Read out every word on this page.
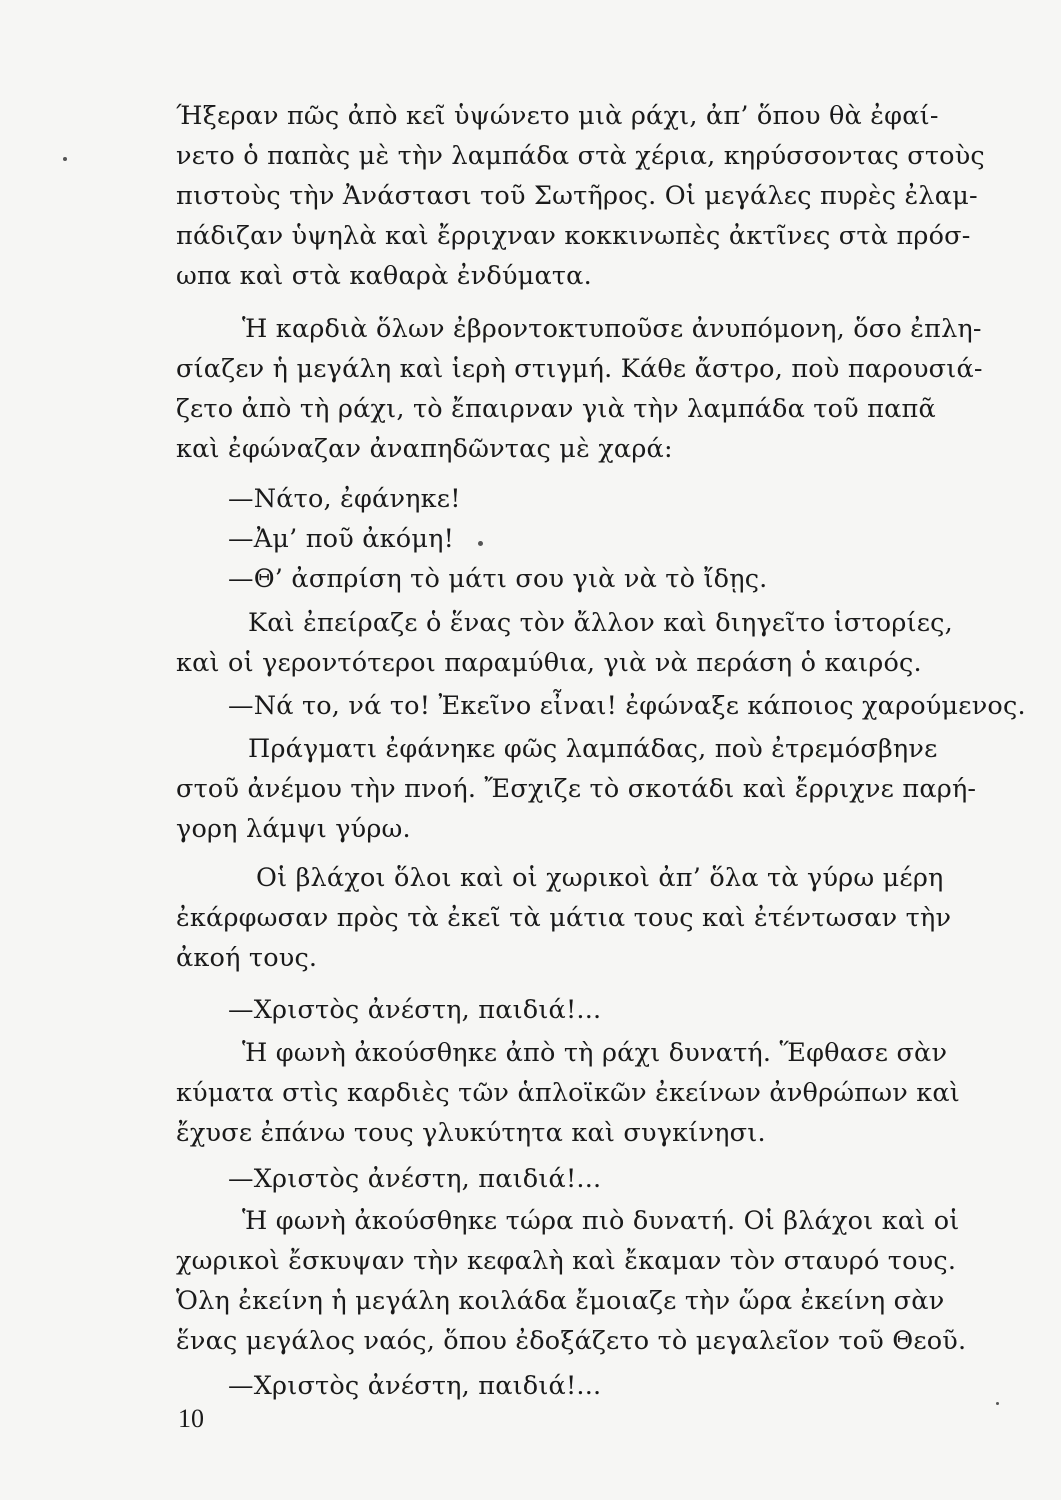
Ήξεραν πῶς ἀπὸ κεῖ ὑψώνετο μιὰ ράχι, ἀπ’ ὅπου θὰ ἐφαί-
νετο ὁ παπὰς μὲ τὴν λαμπάδα στὰ χέρια, κηρύσσοντας στοὺς
πιστοὺς τὴν Ἀνάστασι τοῦ Σωτῆρος. Οἱ μεγάλες πυρὲς ἐλαμ-
πάδιζαν ὑψηλὰ καὶ ἔρριχναν κοκκινωπὲς ἀκτῖνες στὰ πρόσ-
ωπα καὶ στὰ καθαρὰ ἐνδύματα.
Ἡ καρδιὰ ὅλων ἐβροντοκτυποῦσε ἀνυπόμονη, ὅσο ἐπλη-
σίαζεν ἡ μεγάλη καὶ ἱερὴ στιγμή. Κάθε ἄστρο, ποὺ παρουσιά-
ζετο ἀπὸ τὴ ράχι, τὸ ἔπαιρναν γιὰ τὴν λαμπάδα τοῦ παπᾶ
καὶ ἐφώναζαν ἀναπηδῶντας μὲ χαρά:
—Νάτο, ἐφάνηκε!
—Ἀμ’ ποῦ ἀκόμη!
—Θ’ ἀσπρίση τὸ μάτι σου γιὰ νὰ τὸ ἴδῃς.
Καὶ ἐπείραζε ὁ ἕνας τὸν ἄλλον καὶ διηγεῖτο ἱστορίες,
καὶ οἱ γεροντότεροι παραμύθια, γιὰ νὰ περάση ὁ καιρός.
—Νά το, νά το! Ἐκεῖνο εἶναι! ἐφώναξε κάποιος χαρούμενος.
Πράγματι ἐφάνηκε φῶς λαμπάδας, ποὺ ἐτρεμόσβηνε
στοῦ ἀνέμου τὴν πνοή. Ἔσχιζε τὸ σκοτάδι καὶ ἔρριχνε παρή-
γορη λάμψι γύρω.
Οἱ βλάχοι ὅλοι καὶ οἱ χωρικοὶ ἀπ’ ὅλα τὰ γύρω μέρη
ἐκάρφωσαν πρὸς τὰ ἐκεῖ τὰ μάτια τους καὶ ἐτέντωσαν τὴν
ἀκοή τους.
—Χριστὸς ἀνέστη, παιδιά!...
Ἡ φωνὴ ἀκούσθηκε ἀπὸ τὴ ράχι δυνατή. Ἕφθασε σὰν
κύματα στὶς καρδιὲς τῶν ἁπλοϊκῶν ἐκείνων ἀνθρώπων καὶ
ἔχυσε ἐπάνω τους γλυκύτητα καὶ συγκίνησι.
—Χριστὸς ἀνέστη, παιδιά!...
Ἡ φωνὴ ἀκούσθηκε τώρα πιὸ δυνατή. Οἱ βλάχοι καὶ οἱ
χωρικοὶ ἔσκυψαν τὴν κεφαλὴ καὶ ἔκαμαν τὸν σταυρό τους.
Ὁλη ἐκείνη ἡ μεγάλη κοιλάδα ἔμοιαζε τὴν ὥρα ἐκείνη σὰν
ἕνας μεγάλος ναός, ὅπου ἐδοξάζετο τὸ μεγαλεῖον τοῦ Θεοῦ.
—Χριστὸς ἀνέστη, παιδιά!...
10
